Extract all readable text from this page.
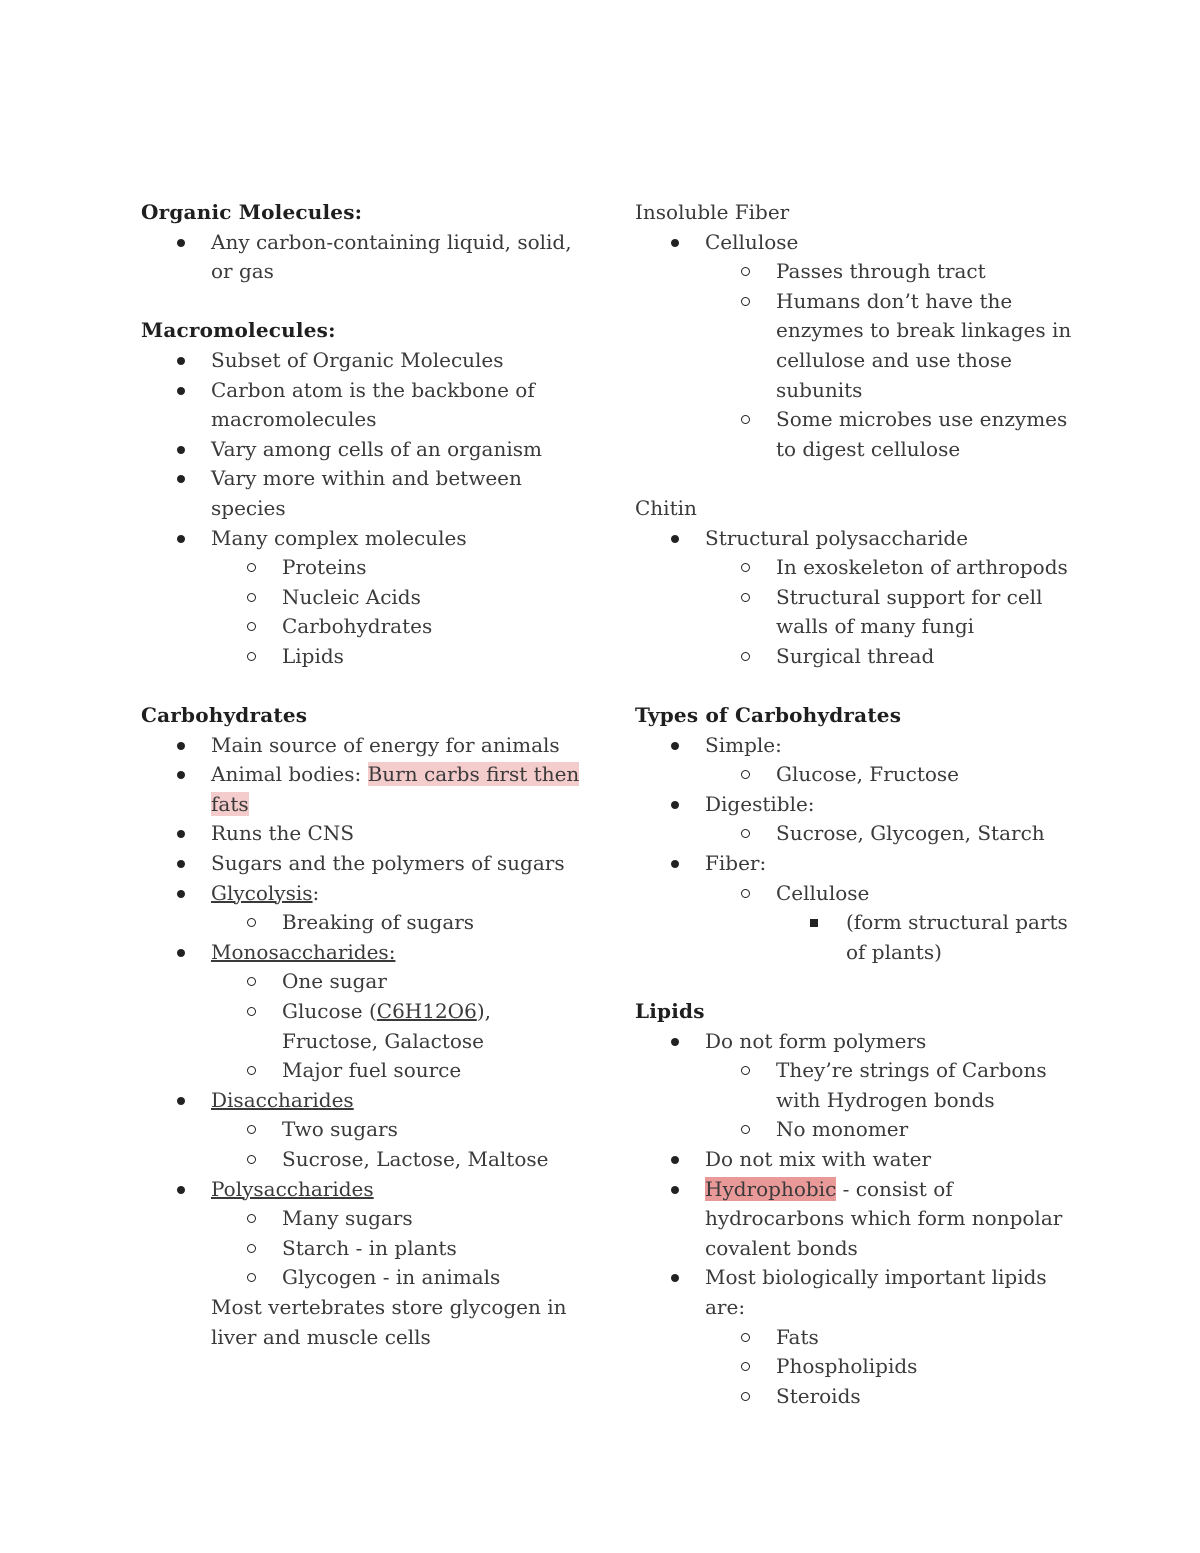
Organic Molecules:
Any carbon-containing liquid, solid, or gas
Macromolecules:
Subset of Organic Molecules
Carbon atom is the backbone of macromolecules
Vary among cells of an organism
Vary more within and between species
Many complex molecules
Proteins
Nucleic Acids
Carbohydrates
Lipids
Carbohydrates
Main source of energy for animals
Animal bodies: Burn carbs first then fats
Runs the CNS
Sugars and the polymers of sugars
Glycolysis:
Breaking of sugars
Monosaccharides:
One sugar
Glucose (C6H12O6), Fructose, Galactose
Major fuel source
Disaccharides
Two sugars
Sucrose, Lactose, Maltose
Polysaccharides
Many sugars
Starch - in plants
Glycogen - in animals
Most vertebrates store glycogen in liver and muscle cells
Insoluble Fiber
Cellulose
Passes through tract
Humans don’t have the enzymes to break linkages in cellulose and use those subunits
Some microbes use enzymes to digest cellulose
Chitin
Structural polysaccharide
In exoskeleton of arthropods
Structural support for cell walls of many fungi
Surgical thread
Types of Carbohydrates
Simple:
Glucose, Fructose
Digestible:
Sucrose, Glycogen, Starch
Fiber:
Cellulose
(form structural parts of plants)
Lipids
Do not form polymers
They’re strings of Carbons with Hydrogen bonds
No monomer
Do not mix with water
Hydrophobic - consist of hydrocarbons which form nonpolar covalent bonds
Most biologically important lipids are:
Fats
Phospholipids
Steroids
